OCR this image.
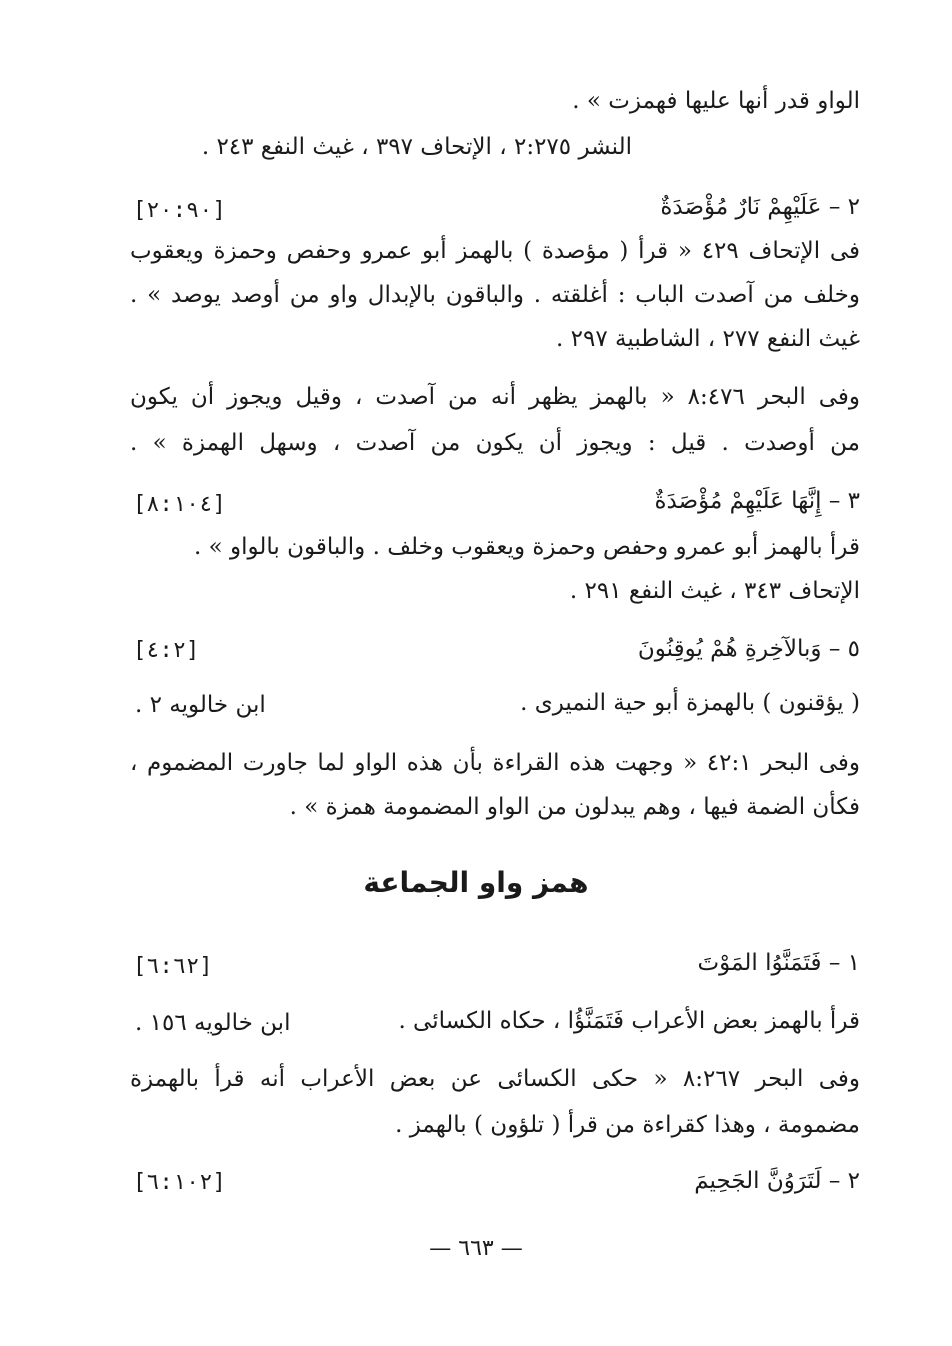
الواو قدر أنها عليها فهمزت » .
النشر ٢:٢٧٥ ، الإتحاف ٣٩٧ ، غيث النفع ٢٤٣ .
٢ – عَلَيْهِمْ نَارٌ مُؤْصَدَةٌ
[٢٠:٩٠]
فى الإتحاف ٤٢٩ « قرأ ( مؤصدة ) بالهمز أبو عمرو وحفص وحمزة ويعقوب
وخلف من آصدت الباب : أغلقته . والباقون بالإبدال واو من أوصد يوصد » .
غيث النفع ٢٧٧ ، الشاطبية ٢٩٧ .
وفى البحر ٨:٤٧٦ « بالهمز يظهر أنه من آصدت ، وقيل ويجوز أن يكون
من أوصدت . قيل : ويجوز أن يكون من آصدت ، وسهل الهمزة » .
٣ – إِنَّهَا عَلَيْهِمْ مُؤْصَدَةٌ
[٨:١٠٤]
قرأ بالهمز أبو عمرو وحفص وحمزة ويعقوب وخلف . والباقون بالواو » .
الإتحاف ٣٤٣ ، غيث النفع ٢٩١ .
٥ – وَبالآخِرةِ هُمْ يُوقِنُونَ
[٤:٢]
( يؤقنون ) بالهمزة أبو حية النميرى .
ابن خالويه ٢ .
وفى البحر ٤٢:١ « وجهت هذه القراءة بأن هذه الواو لما جاورت المضموم ،
فكأن الضمة فيها ، وهم يبدلون من الواو المضمومة همزة » .
همز واو الجماعة
١ – فَتَمَنَّوُا المَوْتَ
[٦:٦٢]
قرأ بالهمز بعض الأعراب فَتَمَنَّؤُا ، حكاه الكسائى .
ابن خالويه ١٥٦ .
وفى البحر ٨:٢٦٧ « حكى الكسائى عن بعض الأعراب أنه قرأ بالهمزة
مضمومة ، وهذا كقراءة من قرأ ( تلؤون ) بالهمز .
٢ – لَتَرَوُنَّ الجَحِيمَ
[٦:١٠٢]
— ٦٦٣ —
